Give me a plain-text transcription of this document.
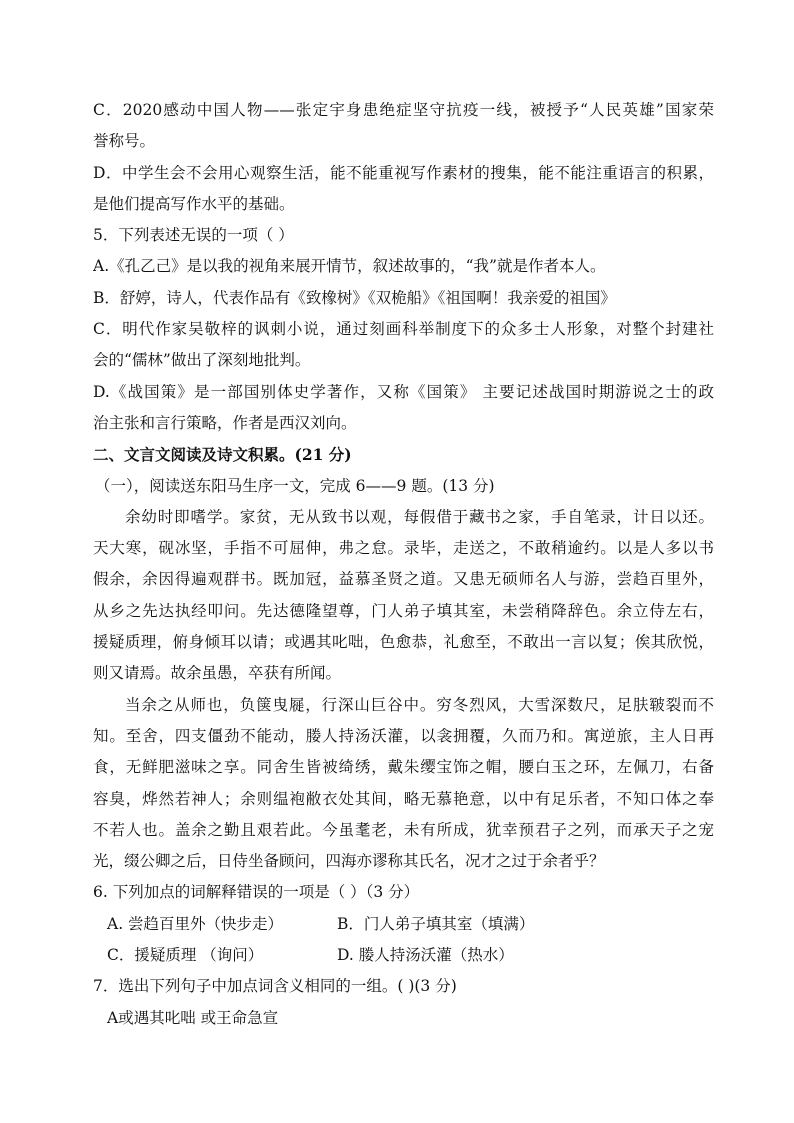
C．2020感动中国人物——张定宇身患绝症坚守抗疫一线，被授予“人民英雄”国家荣
誉称号。
D．中学生会不会用心观察生活，能不能重视写作素材的搜集，能不能注重语言的积累，
是他们提高写作水平的基础。
5．下列表述无误的一项（ ）
A.《孔乙己》是以我的视角来展开情节，叙述故事的，“我”就是作者本人。
B．舒婷，诗人，代表作品有《致橡树》《双桅船》《祖国啊！我亲爱的祖国》
C．明代作家吴敬梓的讽刺小说，通过刻画科举制度下的众多士人形象，对整个封建社
会的“儒林”做出了深刻地批判。
D.《战国策》是一部国别体史学著作，又称《国策》 主要记述战国时期游说之士的政
治主张和言行策略，作者是西汉刘向。
二、文言文阅读及诗文积累。(21 分)
（一），阅读送东阳马生序一文，完成 6——9 题。(13 分)
余幼时即嗜学。家贫，无从致书以观，每假借于藏书之家，手自笔录，计日以还。
天大寒，砚冰坚，手指不可屈伸，弗之怠。录毕，走送之，不敢稍逾约。以是人多以书
假余，余因得遍观群书。既加冠，益慕圣贤之道。又患无硕师名人与游，尝趋百里外，
从乡之先达执经叩问。先达德隆望尊，门人弟子填其室，未尝稍降辞色。余立侍左右，
援疑质理，俯身倾耳以请；或遇其叱咄，色愈恭，礼愈至，不敢出一言以复；俟其欣悦，
则又请焉。故余虽愚，卒获有所闻。
当余之从师也，负箧曳屣，行深山巨谷中。穷冬烈风，大雪深数尺，足肤皲裂而不
知。至舍，四支僵劲不能动，媵人持汤沃灌，以衾拥覆，久而乃和。寓逆旅，主人日再
食，无鲜肥滋味之享。同舍生皆被绮绣，戴朱缨宝饰之帽，腰白玉之环，左佩刀，右备
容臭，烨然若神人；余则缊袍敝衣处其间，略无慕艳意，以中有足乐者，不知口体之奉
不若人也。盖余之勤且艰若此。今虽耄老，未有所成，犹幸预君子之列，而承天子之宠
光，缀公卿之后，日侍坐备顾问，四海亦谬称其氏名，况才之过于余者乎？
6. 下列加点的词解释错误的一项是（ ）（3 分）
A. 尝趋百里外（快步走）	B．门人弟子填其室（填满）
C．援疑质理 （询问）	D. 媵人持汤沃灌（热水）
7．选出下列句子中加点词含义相同的一组。( )(3 分)
A或遇其叱咄 或王命急宣
